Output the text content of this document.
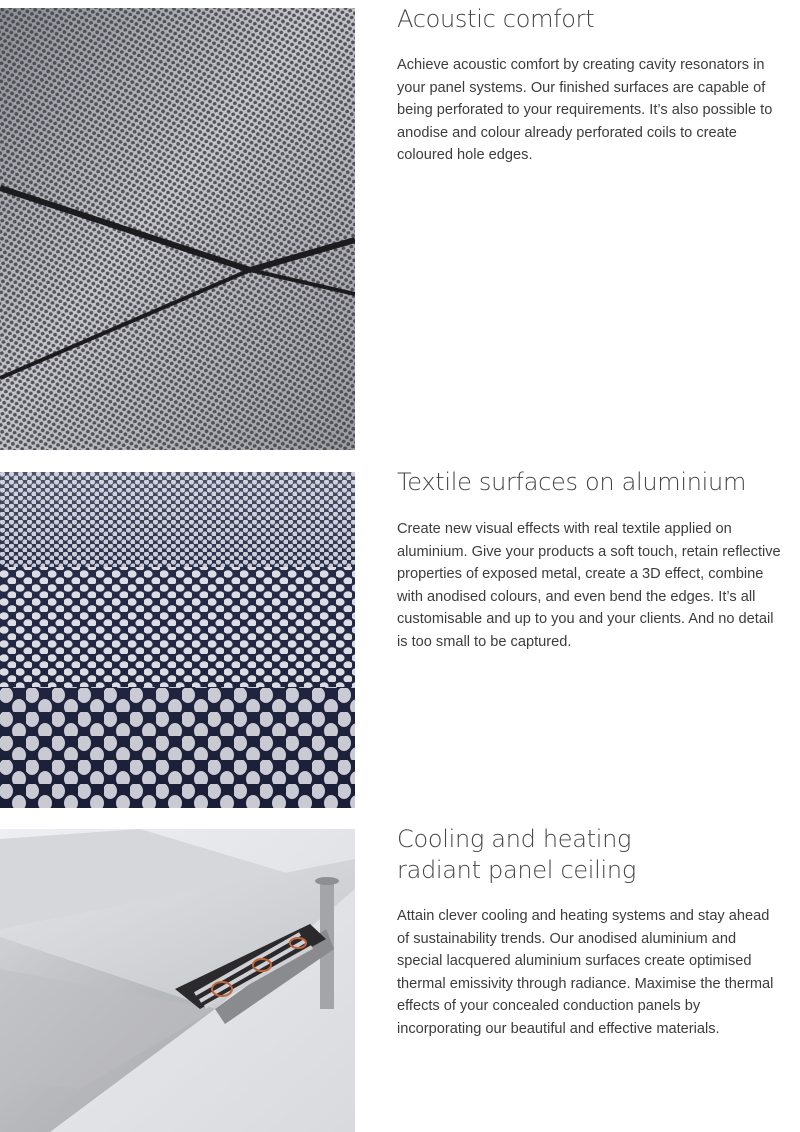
Acoustic comfort

Achieve acoustic comfort by creating cavity resonators in your panel systems. Our finished surfaces are capable of being perforated to your requirements. It’s also possible to anodise and colour already perforated coils to create coloured hole edges.

Textile surfaces on aluminium

Create new visual effects with real textile applied on aluminium. Give your products a soft touch, retain reflective properties of exposed metal, create a 3D effect, combine with anodised colours, and even bend the edges. It’s all customisable and up to you and your clients. And no detail is too small to be captured.

Cooling and heating
radiant panel ceiling

Attain clever cooling and heating systems and stay ahead of sustainability trends. Our anodised aluminium and special lacquered aluminium surfaces create optimised thermal emissivity through radiance. Maximise the thermal effects of your concealed conduction panels by incorporating our beautiful and effective materials.
